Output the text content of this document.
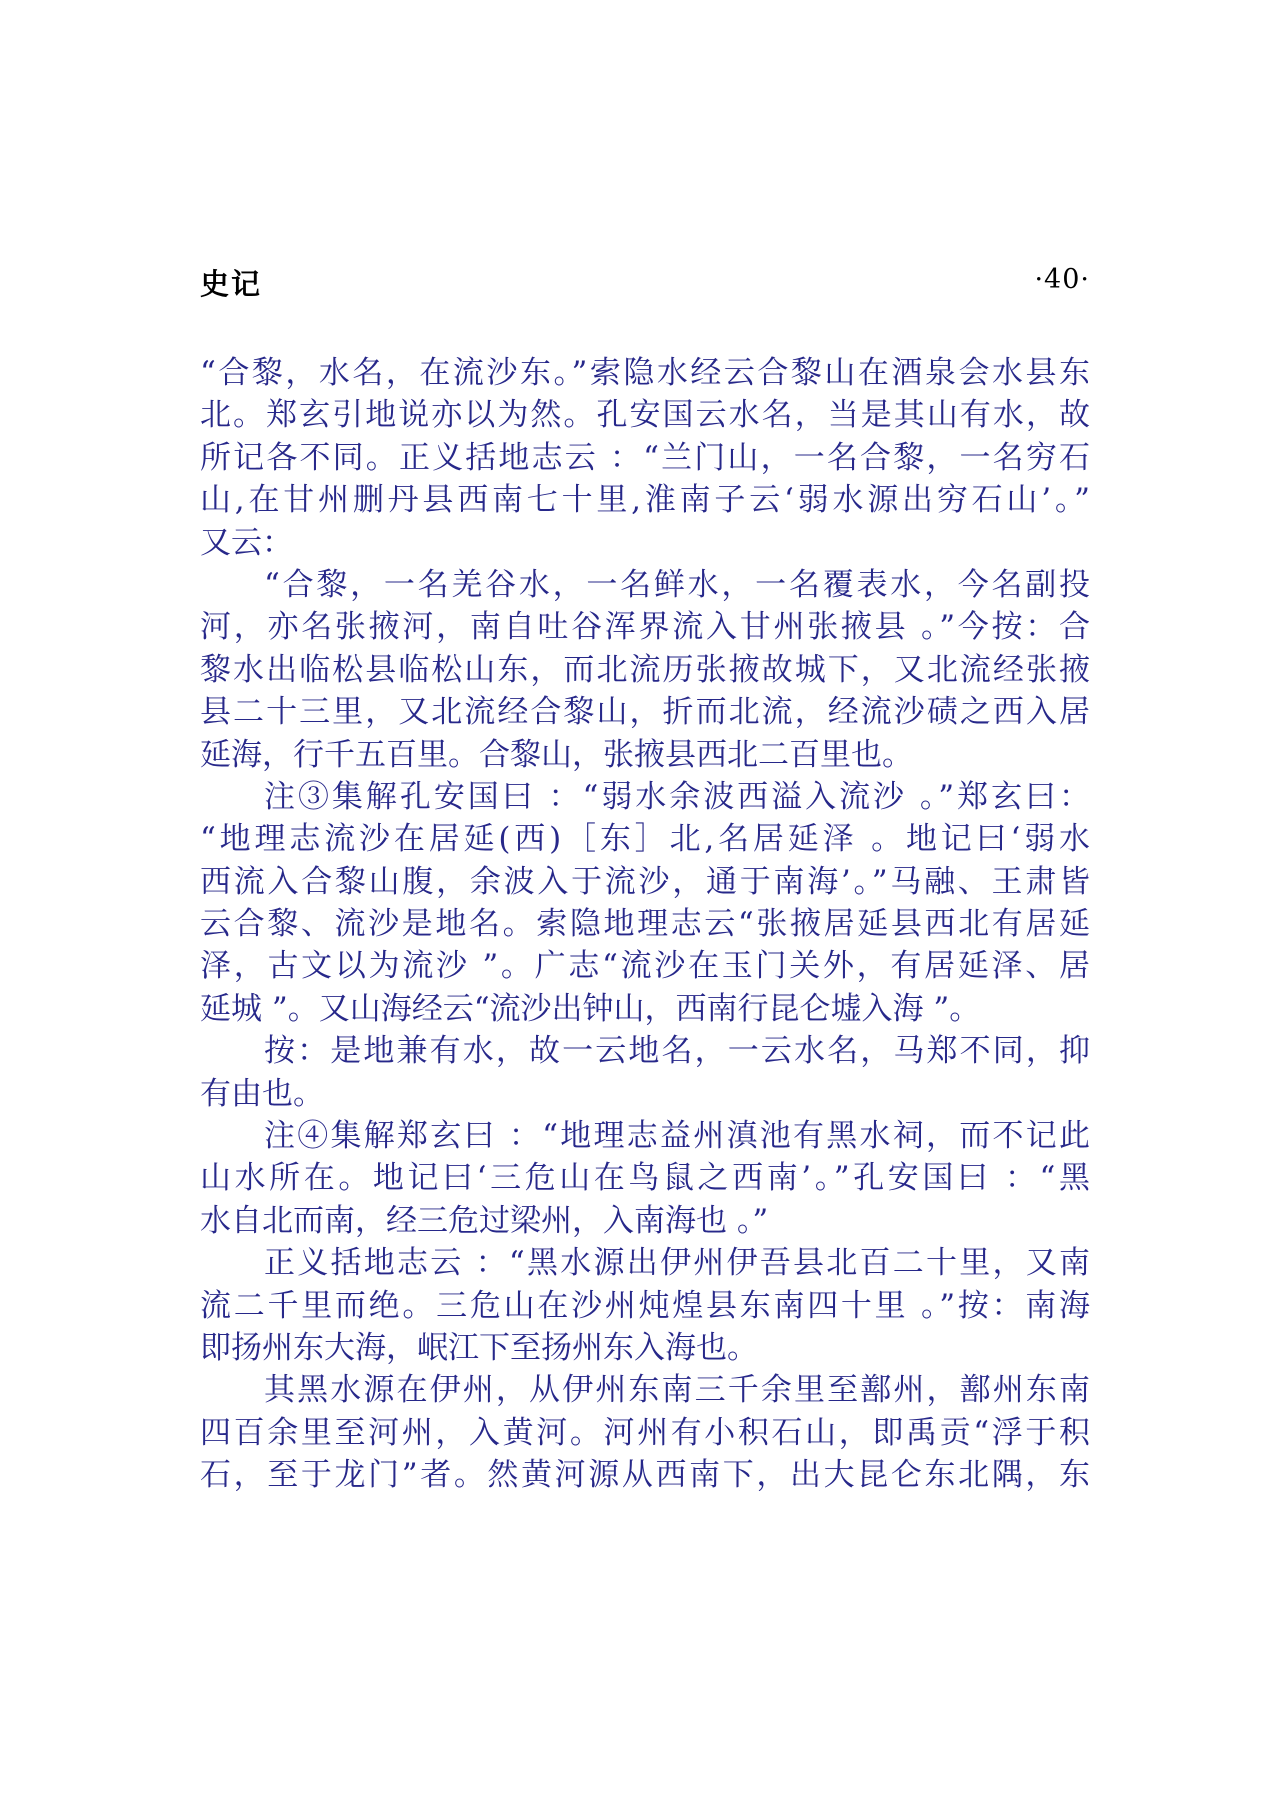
史记	·40·
“合黎，水名，在流沙东。”索隐水经云合黎山在酒泉会水县东
北。郑玄引地说亦以为然。孔安国云水名，当是其山有水，故
所记各不同。正义括地志云 ：“兰门山，一名合黎，一名穷石
山,在甘州删丹县西南七十里,淮南子云‘弱水源出穷石山’。”
又云：
“合黎，一名羌谷水，一名鲜水，一名覆表水，今名副投
河，亦名张掖河，南自吐谷浑界流入甘州张掖县 。”今按：合
黎水出临松县临松山东，而北流历张掖故城下，又北流经张掖
县二十三里，又北流经合黎山，折而北流，经流沙碛之西入居
延海，行千五百里。合黎山，张掖县西北二百里也。
注③集解孔安国曰 ：“弱水余波西溢入流沙 。”郑玄曰：
“地理志流沙在居延(西)［东］北,名居延泽 。地记曰‘弱水
西流入合黎山腹，余波入于流沙，通于南海’。”马融、王肃皆
云合黎、流沙是地名。索隐地理志云“张掖居延县西北有居延
泽，古文以为流沙 ”。广志“流沙在玉门关外，有居延泽、居
延城 ”。又山海经云“流沙出钟山，西南行昆仑墟入海 ”。
按：是地兼有水，故一云地名，一云水名，马郑不同，抑
有由也。
注④集解郑玄曰 ：“地理志益州滇池有黑水祠，而不记此
山水所在。地记曰‘三危山在鸟鼠之西南’。”孔安国曰 ：“黑
水自北而南，经三危过梁州，入南海也 。”
正义括地志云 ：“黑水源出伊州伊吾县北百二十里，又南
流二千里而绝。三危山在沙州炖煌县东南四十里 。”按：南海
即扬州东大海，岷江下至扬州东入海也。
其黑水源在伊州，从伊州东南三千余里至鄯州，鄯州东南
四百余里至河州，入黄河。河州有小积石山，即禹贡“浮于积
石，至于龙门”者。然黄河源从西南下，出大昆仑东北隅，东
